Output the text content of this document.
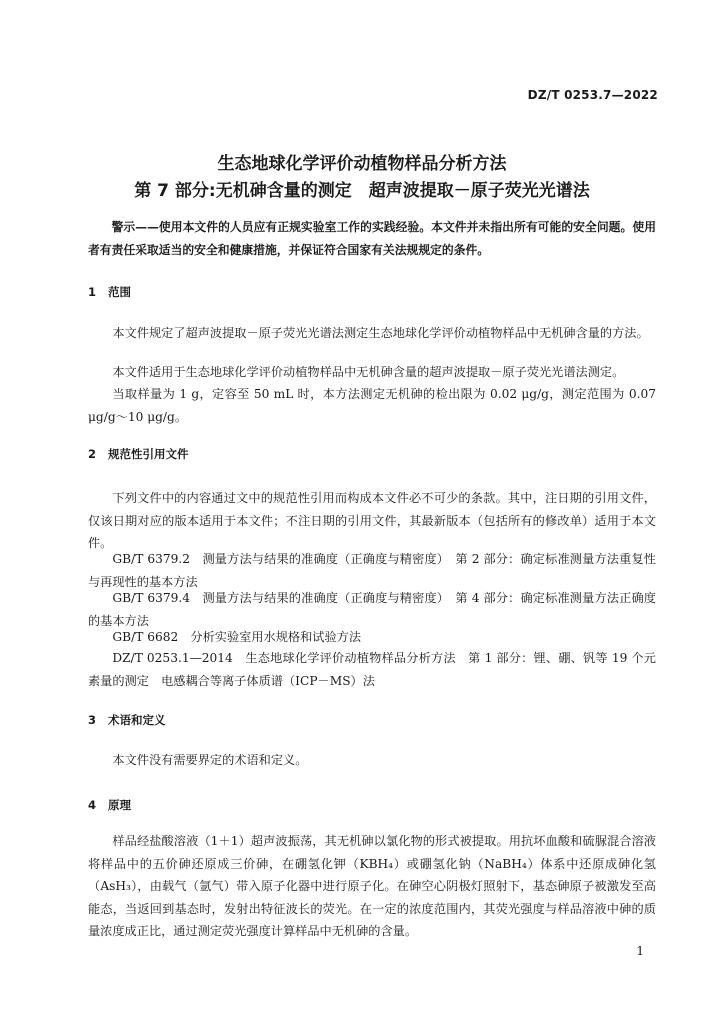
DZ/T 0253.7—2022
生态地球化学评价动植物样品分析方法
第 7 部分:无机砷含量的测定　超声波提取－原子荧光光谱法

警示——使用本文件的人员应有正规实验室工作的实践经验。本文件并未指出所有可能的安全问题。使用者有责任采取适当的安全和健康措施，并保证符合国家有关法规规定的条件。

1 范围

本文件规定了超声波提取－原子荧光光谱法测定生态地球化学评价动植物样品中无机砷含量的方法。

本文件适用于生态地球化学评价动植物样品中无机砷含量的超声波提取－原子荧光光谱法测定。

当取样量为 1 g，定容至 50 mL 时，本方法测定无机砷的检出限为 0.02 μg/g，测定范围为 0.07 μg/g～10 μg/g。

2 规范性引用文件

下列文件中的内容通过文中的规范性引用而构成本文件必不可少的条款。其中，注日期的引用文件，仅该日期对应的版本适用于本文件；不注日期的引用文件，其最新版本（包括所有的修改单）适用于本文件。

GB/T 6379.2　测量方法与结果的准确度（正确度与精密度）　第 2 部分：确定标准测量方法重复性与再现性的基本方法

GB/T 6379.4　测量方法与结果的准确度（正确度与精密度）　第 4 部分：确定标准测量方法正确度的基本方法

GB/T 6682　分析实验室用水规格和试验方法

DZ/T 0253.1—2014　生态地球化学评价动植物样品分析方法　第 1 部分：锂、硼、钒等 19 个元素量的测定　电感耦合等离子体质谱（ICP－MS）法

3 术语和定义

本文件没有需要界定的术语和定义。

4 原理

样品经盐酸溶液（1＋1）超声波振荡，其无机砷以氯化物的形式被提取。用抗坏血酸和硫脲混合溶液将样品中的五价砷还原成三价砷，在硼氢化钾（KBH₄）或硼氢化钠（NaBH₄）体系中还原成砷化氢（AsH₃），由载气（氩气）带入原子化器中进行原子化。在砷空心阴极灯照射下，基态砷原子被激发至高能态，当返回到基态时，发射出特征波长的荧光。在一定的浓度范围内，其荧光强度与样品溶液中砷的质量浓度成正比，通过测定荧光强度计算样品中无机砷的含量。

1
